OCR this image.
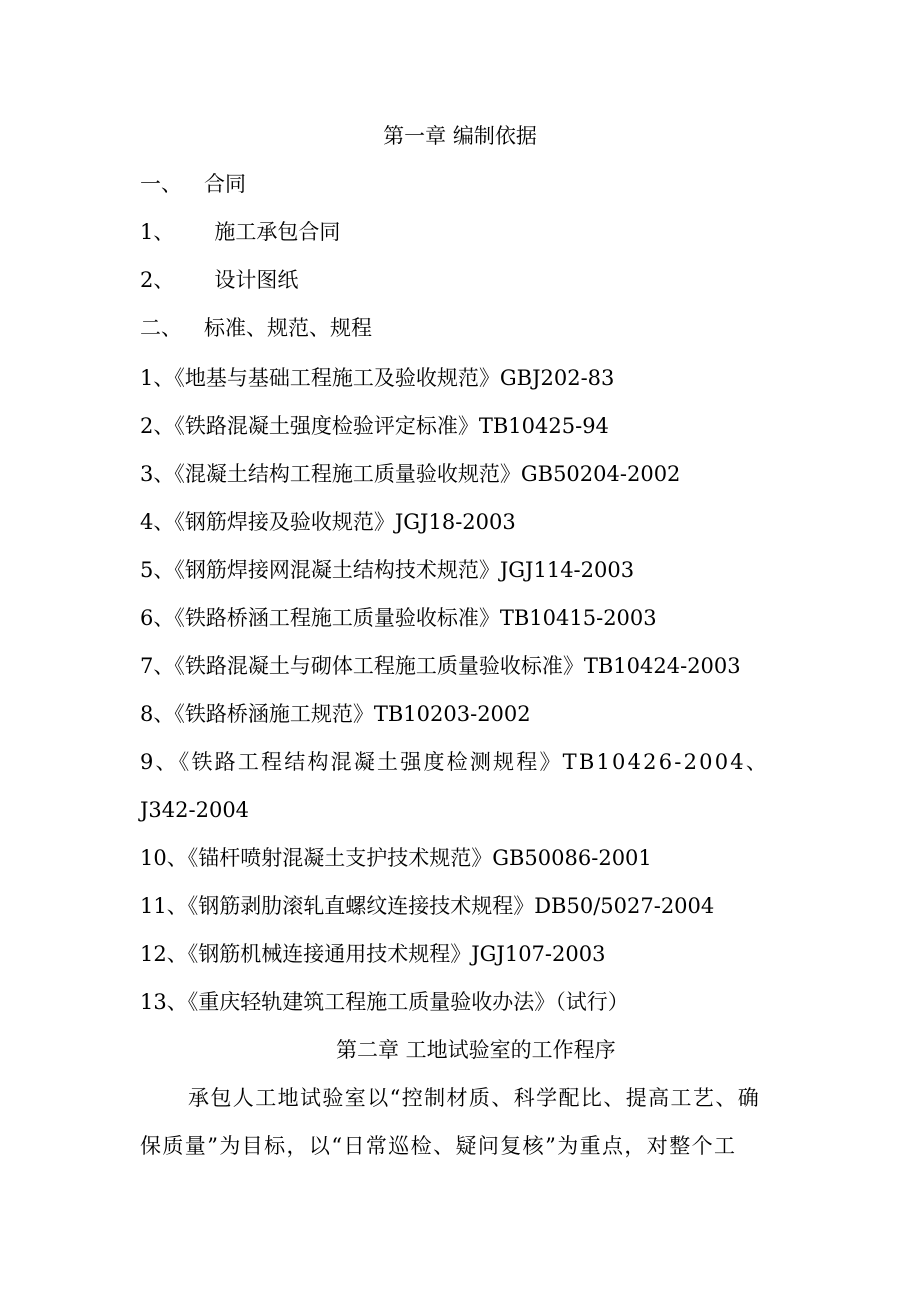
第一章 编制依据
一、 合同
1、 施工承包合同
2、 设计图纸
二、 标准、规范、规程
1、《地基与基础工程施工及验收规范》GBJ202-83
2、《铁路混凝土强度检验评定标准》TB10425-94
3、《混凝土结构工程施工质量验收规范》GB50204-2002
4、《钢筋焊接及验收规范》JGJ18-2003
5、《钢筋焊接网混凝土结构技术规范》JGJ114-2003
6、《铁路桥涵工程施工质量验收标准》TB10415-2003
7、《铁路混凝土与砌体工程施工质量验收标准》TB10424-2003
8、《铁路桥涵施工规范》TB10203-2002
9、《铁路工程结构混凝土强度检测规程》TB10426-2004、
J342-2004
10、《锚杆喷射混凝土支护技术规范》GB50086-2001
11、《钢筋剥肋滚轧直螺纹连接技术规程》DB50/5027-2004
12、《钢筋机械连接通用技术规程》JGJ107-2003
13、《重庆轻轨建筑工程施工质量验收办法》（试行）
第二章 工地试验室的工作程序
承包人工地试验室以“控制材质、科学配比、提高工艺、确
保质量”为目标，以“日常巡检、疑问复核”为重点，对整个工
